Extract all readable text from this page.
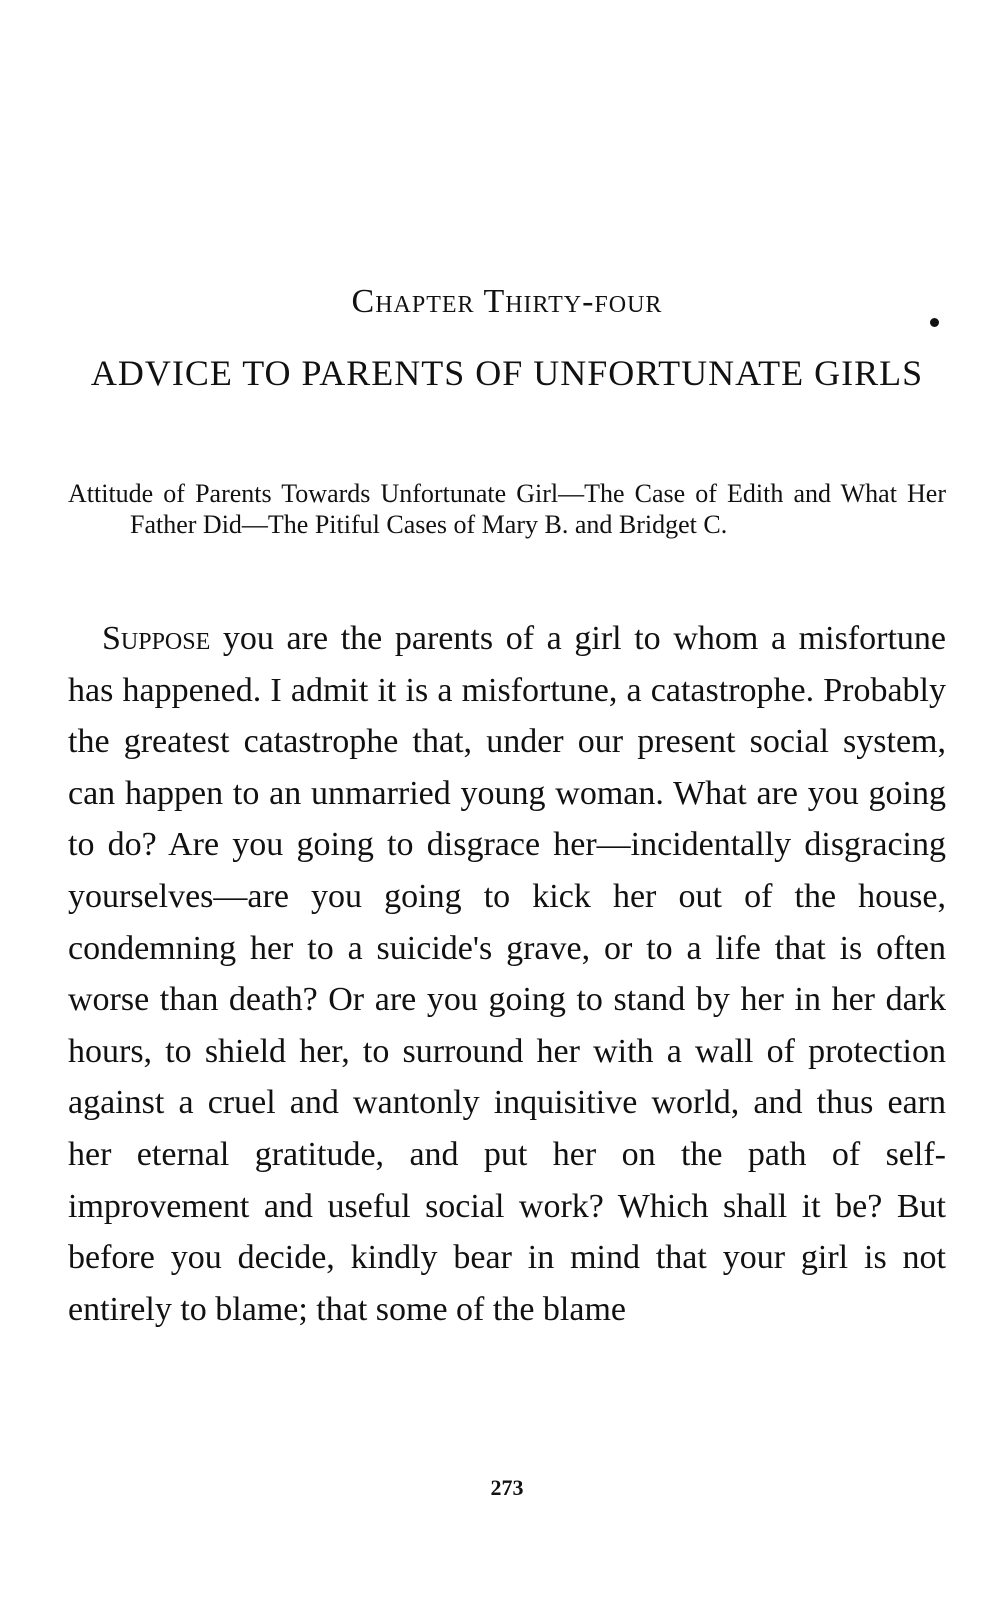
Chapter Thirty-four
ADVICE TO PARENTS OF UNFORTUNATE GIRLS

Attitude of Parents Towards Unfortunate Girl—The Case of Edith and What Her Father Did—The Pitiful Cases of Mary B. and Bridget C.

Suppose you are the parents of a girl to whom a misfortune has happened. I admit it is a misfortune, a catastrophe. Probably the greatest catastrophe that, under our present social system, can happen to an unmarried young woman. What are you going to do? Are you going to disgrace her—incidentally disgracing yourselves—are you going to kick her out of the house, condemning her to a suicide's grave, or to a life that is often worse than death? Or are you going to stand by her in her dark hours, to shield her, to surround her with a wall of protection against a cruel and wantonly inquisitive world, and thus earn her eternal gratitude, and put her on the path of self-improvement and useful social work? Which shall it be? But before you decide, kindly bear in mind that your girl is not entirely to blame; that some of the blame

273
